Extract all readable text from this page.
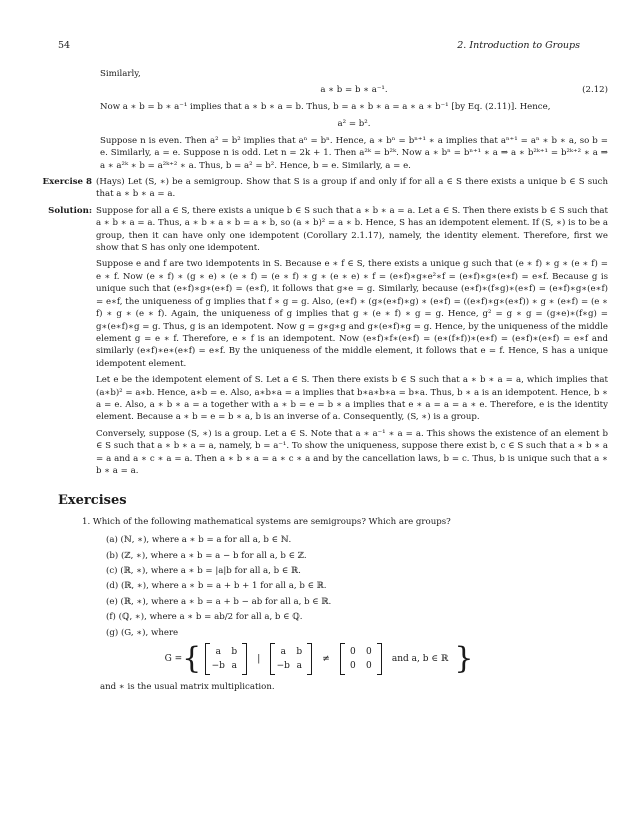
54	2. Introduction to Groups

Similarly,

a ∗ b = b ∗ a⁻¹.	(2.12)

Now a ∗ b = b ∗ a⁻¹ implies that a ∗ b ∗ a = b. Thus, b = a ∗ b ∗ a = a ∗ a ∗ b⁻¹ [by Eq. (2.11)]. Hence,

a² = b².

Suppose n is even. Then a² = b² implies that aⁿ = bⁿ. Hence, a ∗ bⁿ = bⁿ⁺¹ ∗ a implies that aⁿ⁺¹ = aⁿ ∗ b ∗ a, so b = e. Similarly, a = e. Suppose n is odd. Let n = 2k + 1. Then a²ᵏ = b²ᵏ. Now a ∗ bⁿ = bⁿ⁺¹ ∗ a ⇒ a ∗ b²ᵏ⁺¹ = b²ᵏ⁺² ∗ a ⇒ a ∗ a²ᵏ ∗ b = a²ᵏ⁺² ∗ a. Thus, b = a² = b². Hence, b = e. Similarly, a = e.

Exercise 8 (Hays) Let (S, ∗) be a semigroup. Show that S is a group if and only if for all a ∈ S there exists a unique b ∈ S such that a ∗ b ∗ a = a.

Solution: Suppose for all a ∈ S, there exists a unique b ∈ S such that a ∗ b ∗ a = a. Let a ∈ S. Then there exists b ∈ S such that a ∗ b ∗ a = a. Thus, a ∗ b ∗ a ∗ b = a ∗ b, so (a ∗ b)² = a ∗ b. Hence, S has an idempotent element. If (S, ∗) is to be a group, then it can have only one idempotent (Corollary 2.1.17), namely, the identity element. Therefore, first we show that S has only one idempotent.

Suppose e and f are two idempotents in S. Because e ∗ f ∈ S, there exists a unique g such that (e ∗ f) ∗ g ∗ (e ∗ f) = e ∗ f. Now (e ∗ f) ∗ (g ∗ e) ∗ (e ∗ f) = (e ∗ f) ∗ g ∗ (e ∗ e) ∗ f = (e∗f)∗g∗e²∗f = (e∗f)∗g∗(e∗f) = e∗f. Because g is unique such that (e∗f)∗g∗(e∗f) = (e∗f), it follows that g∗e = g. Similarly, because (e∗f)∗(f∗g)∗(e∗f) = (e∗f)∗g∗(e∗f) = e∗f, the uniqueness of g implies that f ∗ g = g. Also, (e∗f) ∗ (g∗(e∗f)∗g) ∗ (e∗f) = ((e∗f)∗g∗(e∗f)) ∗ g ∗ (e∗f) = (e ∗ f) ∗ g ∗ (e ∗ f). Again, the uniqueness of g implies that g ∗ (e ∗ f) ∗ g = g. Hence, g² = g ∗ g = (g∗e)∗(f∗g) = g∗(e∗f)∗g = g. Thus, g is an idempotent. Now g = g∗g∗g and g∗(e∗f)∗g = g. Hence, by the uniqueness of the middle element g = e ∗ f. Therefore, e ∗ f is an idempotent. Now (e∗f)∗f∗(e∗f) = (e∗(f∗f))∗(e∗f) = (e∗f)∗(e∗f) = e∗f and similarly (e∗f)∗e∗(e∗f) = e∗f. By the uniqueness of the middle element, it follows that e = f. Hence, S has a unique idempotent element.

Let e be the idempotent element of S. Let a ∈ S. Then there exists b ∈ S such that a ∗ b ∗ a = a, which implies that (a∗b)² = a∗b. Hence, a∗b = e. Also, a∗b∗a = a implies that b∗a∗b∗a = b∗a. Thus, b ∗ a is an idempotent. Hence, b ∗ a = e. Also, a ∗ b ∗ a = a together with a ∗ b = e = b ∗ a implies that e ∗ a = a = a ∗ e. Therefore, e is the identity element. Because a ∗ b = e = b ∗ a, b is an inverse of a. Consequently, (S, ∗) is a group.

Conversely, suppose (S, ∗) is a group. Let a ∈ S. Note that a ∗ a⁻¹ ∗ a = a. This shows the existence of an element b ∈ S such that a ∗ b ∗ a = a, namely, b = a⁻¹. To show the uniqueness, suppose there exist b, c ∈ S such that a ∗ b ∗ a = a and a ∗ c ∗ a = a. Then a ∗ b ∗ a = a ∗ c ∗ a and by the cancellation laws, b = c. Thus, b is unique such that a ∗ b ∗ a = a.

Exercises
1. Which of the following mathematical systems are semigroups? Which are groups?
(a) (ℕ, ∗), where a ∗ b = a for all a, b ∈ ℕ.
(b) (ℤ, ∗), where a ∗ b = a − b for all a, b ∈ ℤ.
(c) (ℝ, ∗), where a ∗ b = |a|b for all a, b ∈ ℝ.
(d) (ℝ, ∗), where a ∗ b = a + b + 1 for all a, b ∈ ℝ.
(e) (ℝ, ∗), where a ∗ b = a + b − ab for all a, b ∈ ℝ.
(f) (ℚ, ∗), where a ∗ b = ab/2 for all a, b ∈ ℚ.
(g) (G, ∗), where
G = {	a	b
−b a
|
a	b
−b a
≠
0	0
0	0
and a, b ∈ ℝ }
and ∗ is the usual matrix multiplication.
